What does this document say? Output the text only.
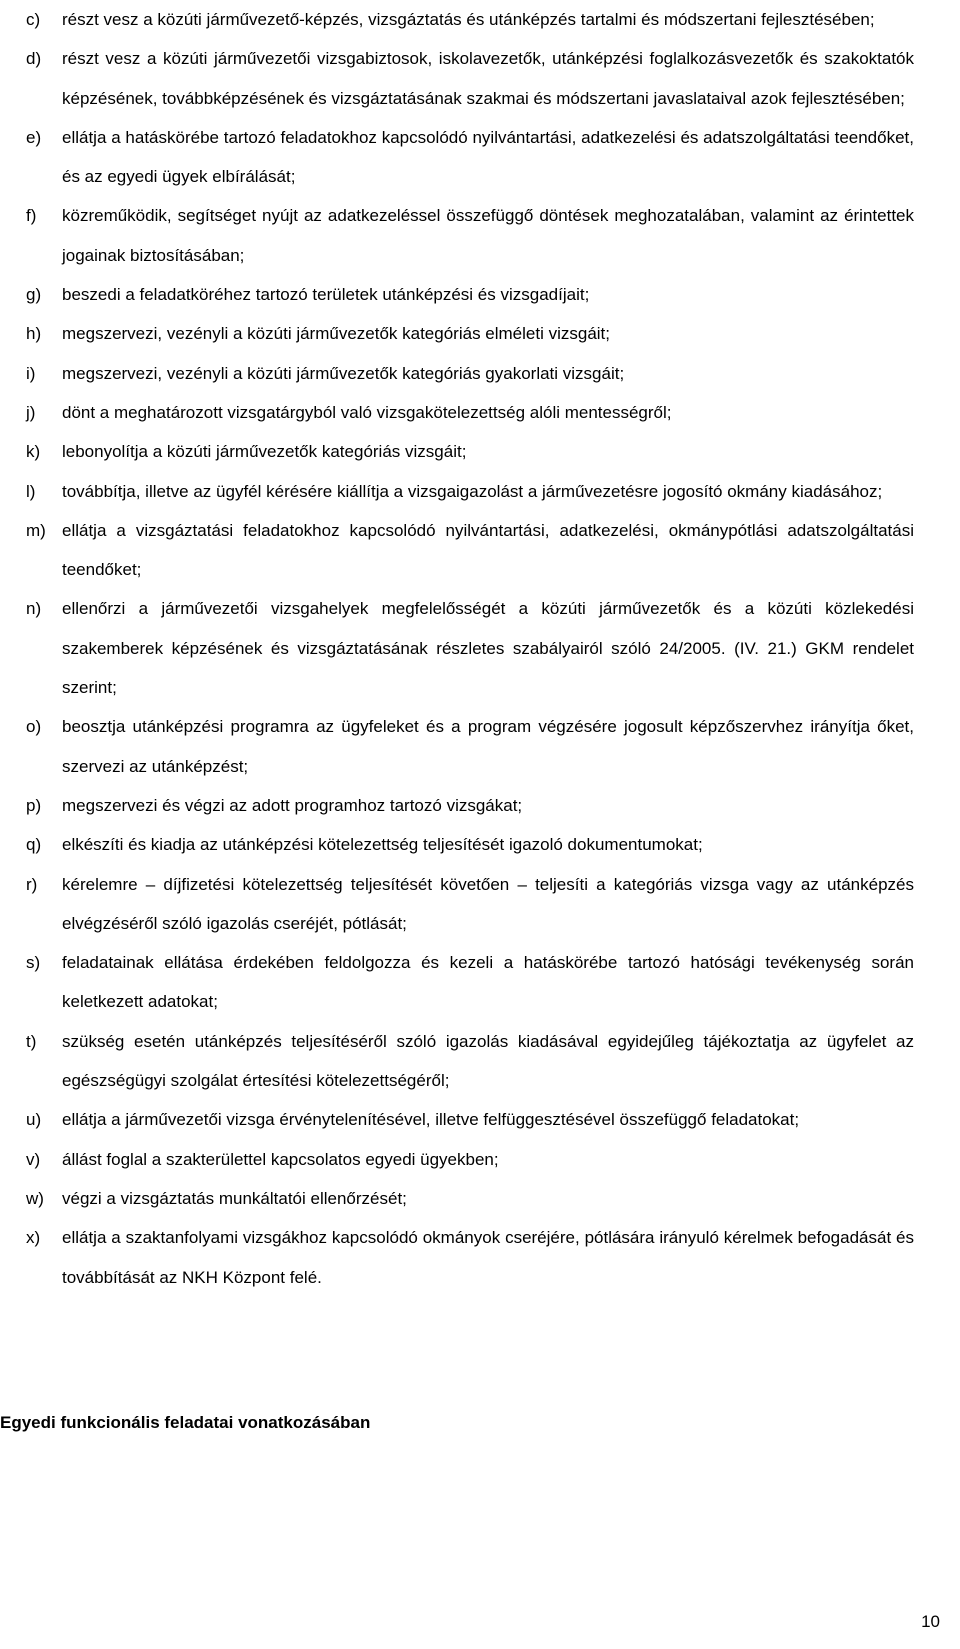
c)	részt vesz a közúti járművezető-képzés, vizsgáztatás és utánképzés tartalmi és módszertani fejlesztésében;
d)	részt vesz a közúti járművezetői vizsgabiztosok, iskolavezetők, utánképzési foglalkozásvezetők és szakoktatók képzésének, továbbképzésének és vizsgáztatásának szakmai és módszertani javaslataival azok fejlesztésében;
e)	ellátja a hatáskörébe tartozó feladatokhoz kapcsolódó nyilvántartási, adatkezelési és adatszolgáltatási teendőket, és az egyedi ügyek elbírálását;
f)	közreműködik, segítséget nyújt az adatkezeléssel összefüggő döntések meghozatalában, valamint az érintettek jogainak biztosításában;
g)	beszedi a feladatköréhez tartozó területek utánképzési és vizsgadíjait;
h)	megszervezi, vezényli a közúti járművezetők kategóriás elméleti vizsgáit;
i)	megszervezi, vezényli a közúti járművezetők kategóriás gyakorlati vizsgáit;
j)	dönt a meghatározott vizsgatárgyból való vizsgakötelezettség alóli mentességről;
k)	lebonyolítja a közúti járművezetők kategóriás vizsgáit;
l)	továbbítja, illetve az ügyfél kérésére kiállítja a vizsgaigazolást a járművezetésre jogosító okmány kiadásához;
m) ellátja a vizsgáztatási feladatokhoz kapcsolódó nyilvántartási, adatkezelési, okmánypótlási adatszolgáltatási teendőket;
n)	ellenőrzi a járművezetői vizsgahelyek megfelelősségét a közúti járművezetők és a közúti közlekedési szakemberek képzésének és vizsgáztatásának részletes szabályairól szóló 24/2005. (IV. 21.) GKM rendelet szerint;
o)	beosztja utánképzési programra az ügyfeleket és a program végzésére jogosult képzőszervhez irányítja őket, szervezi az utánképzést;
p)	megszervezi és végzi az adott programhoz tartozó vizsgákat;
q)	elkészíti és kiadja az utánképzési kötelezettség teljesítését igazoló dokumentumokat;
r)	kérelemre – díjfizetési kötelezettség teljesítését követően – teljesíti a kategóriás vizsga vagy az utánképzés elvégzéséről szóló igazolás cseréjét, pótlását;
s)	feladatainak ellátása érdekében feldolgozza és kezeli a hatáskörébe tartozó hatósági tevékenység során keletkezett adatokat;
t)	szükség esetén utánképzés teljesítéséről szóló igazolás kiadásával egyidejűleg tájékoztatja az ügyfelet az egészségügyi szolgálat értesítési kötelezettségéről;
u)	ellátja a járművezetői vizsga érvénytelenítésével, illetve felfüggesztésével összefüggő feladatokat;
v)	állást foglal a szakterülettel kapcsolatos egyedi ügyekben;
w)	végzi a vizsgáztatás munkáltatói ellenőrzését;
x)	ellátja a szaktanfolyami vizsgákhoz kapcsolódó okmányok cseréjére, pótlására irányuló kérelmek befogadását és továbbítását az NKH Központ felé.
Egyedi funkcionális feladatai vonatkozásában
10
